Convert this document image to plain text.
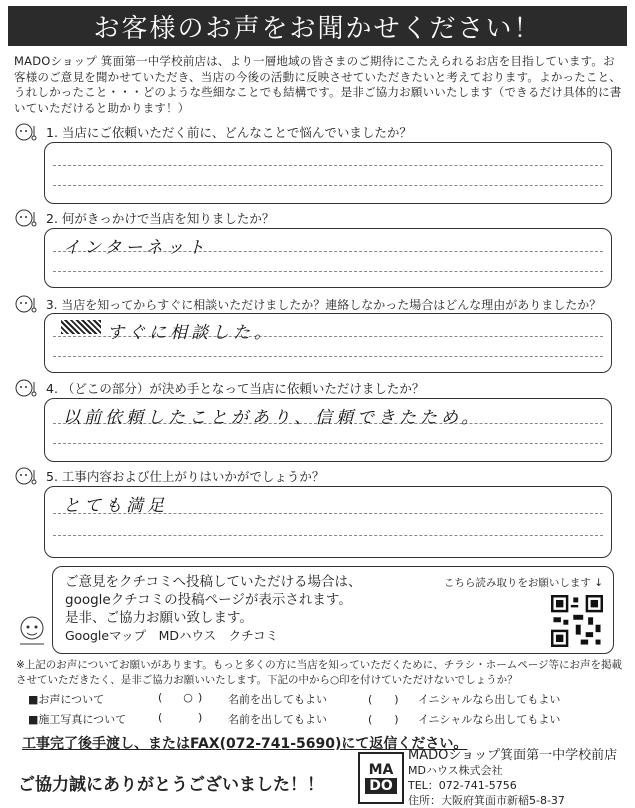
お客様のお声をお聞かせください！
MADOショップ 箕面第一中学校前店は、より一層地域の皆さまのご期待にこたえられるお店を目指しています。お客様のご意見を聞かせていただき、当店の今後の活動に反映させていただきたいと考えております。よかったこと、うれしかったこと・・・どのような些細なことでも結構です。是非ご協力お願いいたします（できるだけ具体的に書いていただけると助かります！）
1. 当店にご依頼いただく前に、どんなことで悩んでいましたか？
2. 何がきっかけで当店を知りましたか？
インターネット
3. 当店を知ってからすぐに相談いただけましたか？連絡しなかった場合はどんな理由がありましたか？
すぐに相談した。
4. （どこの部分）が決め手となって当店に依頼いただけましたか？
以前依頼したことがあり、信頼できたため。
5. 工事内容および仕上がりはいかがでしょうか？
とても満足
ご意見をクチコミへ投稿していただける場合は、
googleクチコミの投稿ページが表示されます。
是非、ご協力お願い致します。
Googleマップ　MDハウス　クチコミ
こちら読み取りをお願いします ↓
※上記のお声についてお願いがあります。もっと多くの方に当店を知っていただくために、チラシ・ホームページ等にお声を掲載させていただきたく、是非ご協力お願いいたします。下記の中から○印を付けていただけないでしょうか？
■お声について	(	○ )	名前を出してもよい	(　　)	イニシャルなら出してもよい
■施工写真について	(	)	名前を出してもよい	(　　)	イニシャルなら出してもよい
工事完了後手渡し、またはFAX(072-741-5690)にて返信ください。
ご協力誠にありがとうございました！！
MA
DO
MADOショップ箕面第一中学校前店
MDハウス株式会社
TEL：072-741-5756
住所：大阪府箕面市新稲5-8-37
